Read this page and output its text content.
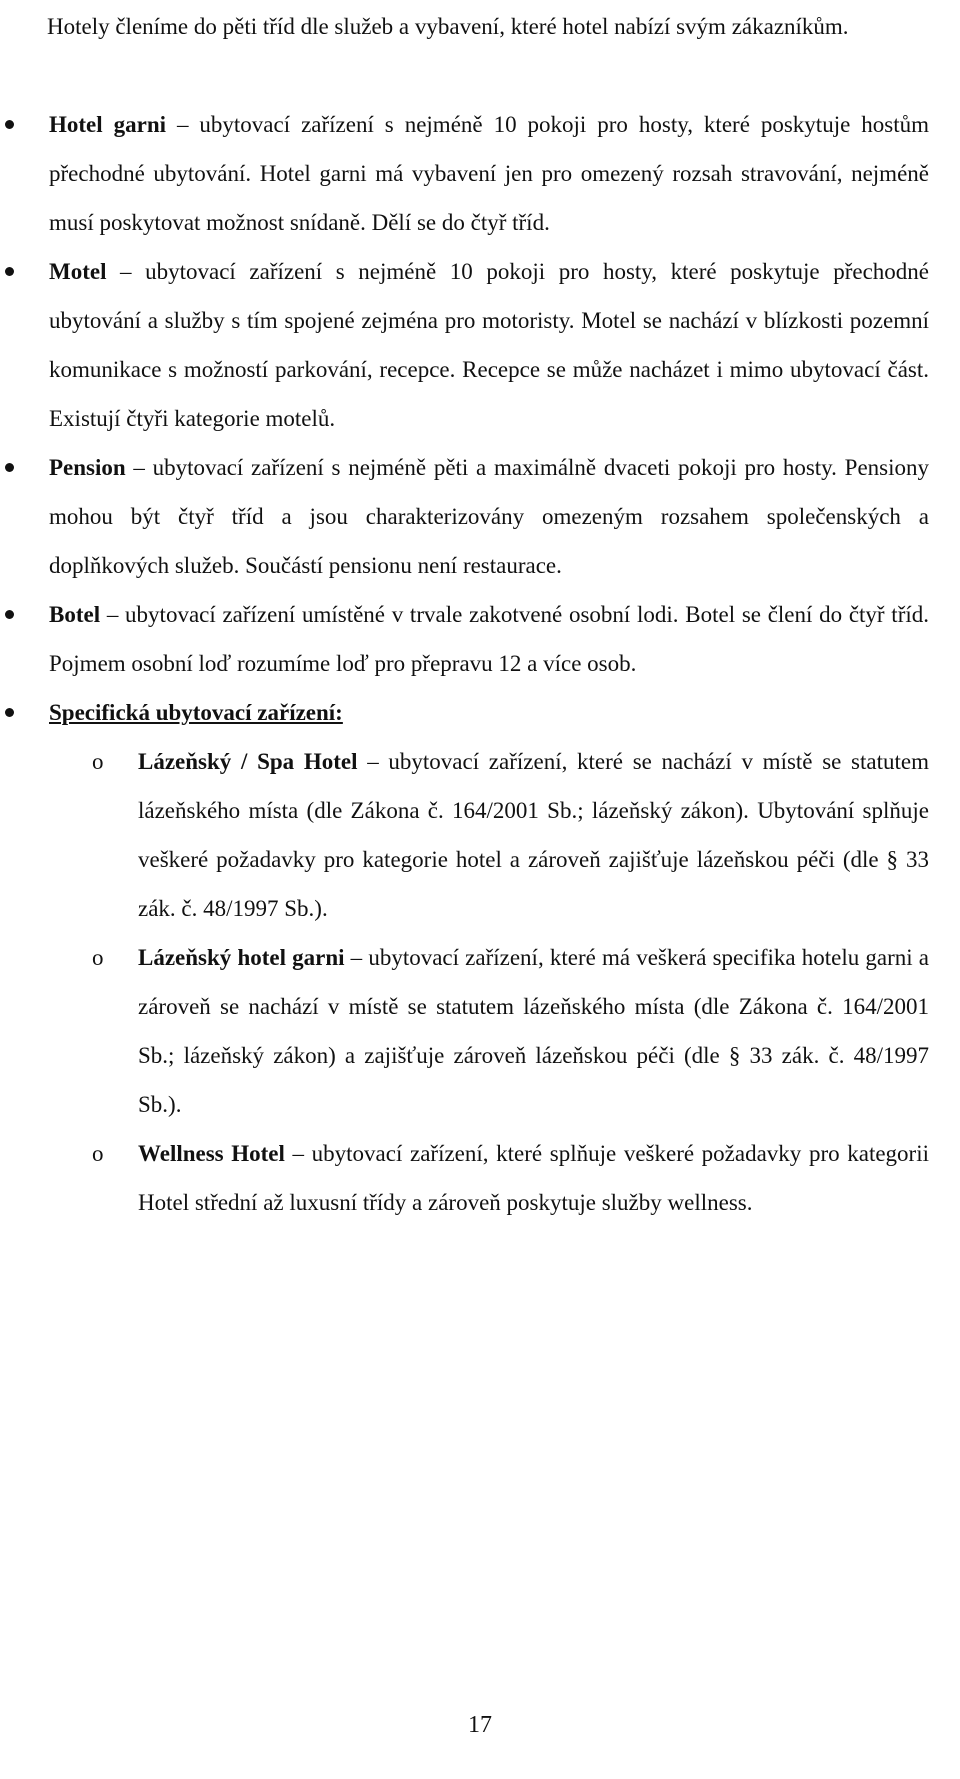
Hotely členíme do pěti tříd dle služeb a vybavení, které hotel nabízí svým zákazníkům.

Hotel garni – ubytovací zařízení s nejméně 10 pokoji pro hosty, které poskytuje hostům přechodné ubytování. Hotel garni má vybavení jen pro omezený rozsah stravování, nejméně musí poskytovat možnost snídaně. Dělí se do čtyř tříd.
Motel – ubytovací zařízení s nejméně 10 pokoji pro hosty, které poskytuje přechodné ubytování a služby s tím spojené zejména pro motoristy. Motel se nachází v blízkosti pozemní komunikace s možností parkování, recepce. Recepce se může nacházet i mimo ubytovací část. Existují čtyři kategorie motelů.
Pension – ubytovací zařízení s nejméně pěti a maximálně dvaceti pokoji pro hosty. Pensiony mohou být čtyř tříd a jsou charakterizovány omezeným rozsahem společenských a doplňkových služeb. Součástí pensionu není restaurace.
Botel – ubytovací zařízení umístěné v trvale zakotvené osobní lodi. Botel se člení do čtyř tříd. Pojmem osobní loď rozumíme loď pro přepravu 12 a více osob.
Specifická ubytovací zařízení:
o Lázeňský / Spa Hotel – ubytovací zařízení, které se nachází v místě se statutem lázeňského místa (dle Zákona č. 164/2001 Sb.; lázeňský zákon). Ubytování splňuje veškeré požadavky pro kategorie hotel a zároveň zajišťuje lázeňskou péči (dle § 33 zák. č. 48/1997 Sb.).
o Lázeňský hotel garni – ubytovací zařízení, které má veškerá specifika hotelu garni a zároveň se nachází v místě se statutem lázeňského místa (dle Zákona č. 164/2001 Sb.; lázeňský zákon) a zajišťuje zároveň lázeňskou péči (dle § 33 zák. č. 48/1997 Sb.).
o Wellness Hotel – ubytovací zařízení, které splňuje veškeré požadavky pro kategorii Hotel střední až luxusní třídy a zároveň poskytuje služby wellness.
17
